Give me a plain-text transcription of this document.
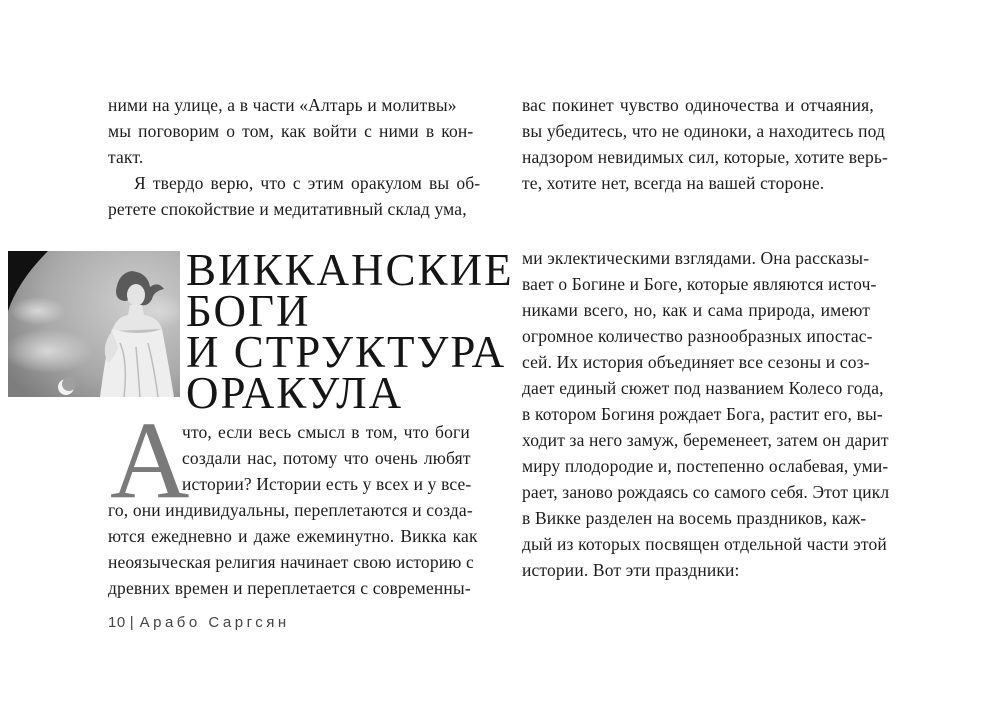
ними на улице, а в части «Алтарь и молитвы»
мы поговорим о том, как войти с ними в кон-
такт.
Я твердо верю, что с этим оракулом вы об-
ретете спокойствие и медитативный склад ума,
вас покинет чувство одиночества и отчаяния,
вы убедитесь, что не одиноки, а находитесь под
надзором невидимых сил, которые, хотите верь-
те, хотите нет, всегда на вашей стороне.
ВИККАНСКИЕ
БОГИ
И СТРУКТУРА
ОРАКУЛА
А
что, если весь смысл в том, что боги
создали нас, потому что очень любят
истории? Истории есть у всех и у все-
го, они индивидуальны, переплетаются и созда-
ются ежедневно и даже ежеминутно. Викка как
неоязыческая религия начинает свою историю с
древних времен и переплетается с современны-
ми эклектическими взглядами. Она рассказы-
вает о Богине и Боге, которые являются источ-
никами всего, но, как и сама природа, имеют
огромное количество разнообразных ипостас-
сей. Их история объединяет все сезоны и соз-
дает единый сюжет под названием Колесо года,
в котором Богиня рождает Бога, растит его, вы-
ходит за него замуж, беременеет, затем он дарит
миру плодородие и, постепенно ослабевая, уми-
рает, заново рождаясь со самого себя. Этот цикл
в Викке разделен на восемь праздников, каж-
дый из которых посвящен отдельной части этой
истории. Вот эти праздники:
10 | Арабо Саргсян
